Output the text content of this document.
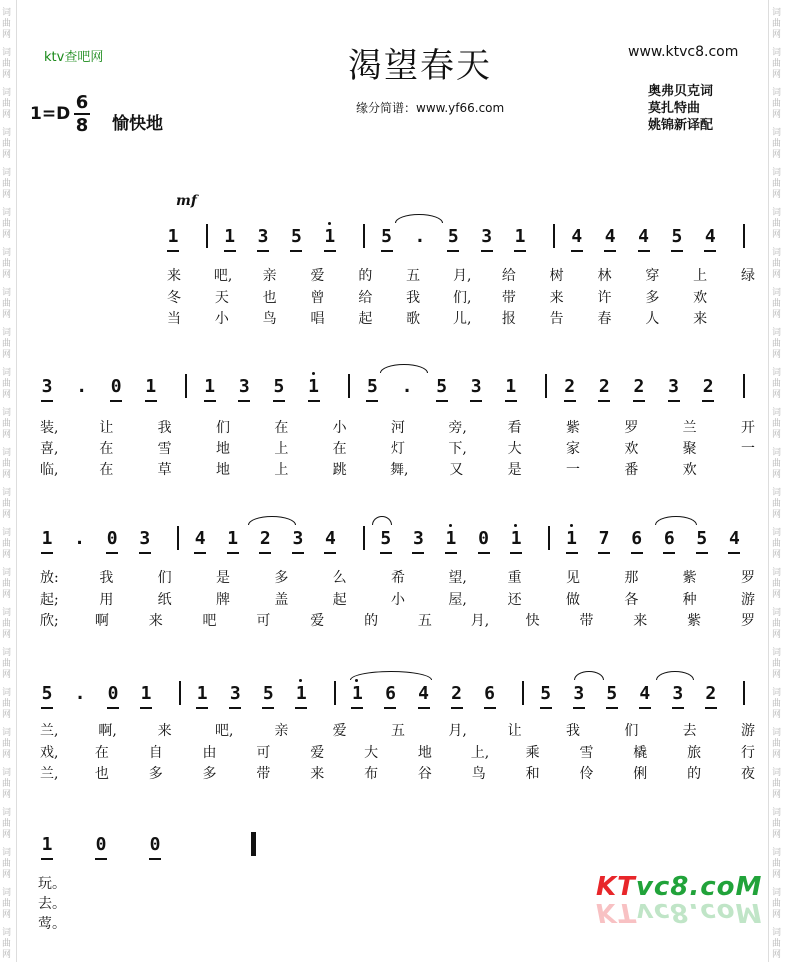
词
曲
网
词
曲
网
词
曲
网
词
曲
网
词
曲
网
词
曲
网
词
曲
网
词
曲
网
词
曲
网
词
曲
网
词
曲
网
词
曲
网
词
曲
网
词
曲
网
词
曲
网
词
曲
网
词
曲
网
词
曲
网
词
曲
网
词
曲
网
词
曲
网
词
曲
网
词
曲
网
词
曲
网
词
曲
网
词
曲
网
词
曲
网
词
曲
网
词
曲
网
词
曲
网
词
曲
网
词
曲
网
词
曲
网
词
曲
网
词
曲
网
词
曲
网
词
曲
网
词
曲
网
词
曲
网
词
曲
网
词
曲
网
词
曲
网
词
曲
网
词
曲
网
词
曲
网
词
曲
网
词
曲
网
词
曲
网
ktv查吧网	渴望春天	www.ktvc8.com
缘分简谱：www.yf66.com
奥弗贝克词
莫扎特曲
姚锦新译配
1=D
6
8 愉快地
mf
1	1 3 5 1	5 . 5 3 1	4 4 4 5 4
来 吧, 亲 爱 的 五 月, 给 树 林 穿 上 绿
冬 天 也 曾 给 我 们, 带 来 许 多 欢
当 小 鸟 唱 起 歌 儿, 报 告 春 人 来
3 . 0 1	1 3 5 1	5 . 5 3 1	2 2 2 3 2
装,	让	我	们	在	小	河	旁,	看	紫	罗	兰	开
喜,	在	雪	地	上	在	灯	下,	大	家	欢	聚	一
临,	在	草	地	上	跳	舞,	又	是	一	番	欢
1 . 0 3 4 1 2 3 4 5 3 1 0 1 1 7 6 6 5 4
放:	我	们	是	多	么	希	望,	重	见	那	紫	罗
起;	用	纸	牌	盖	起	小	屋,	还	做	各	种	游
欣;	啊	来	吧	可	爱	的	五	月,	快	带	来	紫	罗
5 . 0 1	1 3 5 1	1 6 4 2 6	5 3 5 4 3 2
兰,	啊,	来	吧,	亲	爱	五	月,	让	我	们	去	游
戏,	在	自	由	可	爱	大	地	上,	乘	雪	橇	旅	行
兰,	也	多	多	带	来	布	谷	鸟	和	伶	俐	的	夜
1 0 0
玩。
去。
莺。
KTvc8.coM
KTvc8.coM
